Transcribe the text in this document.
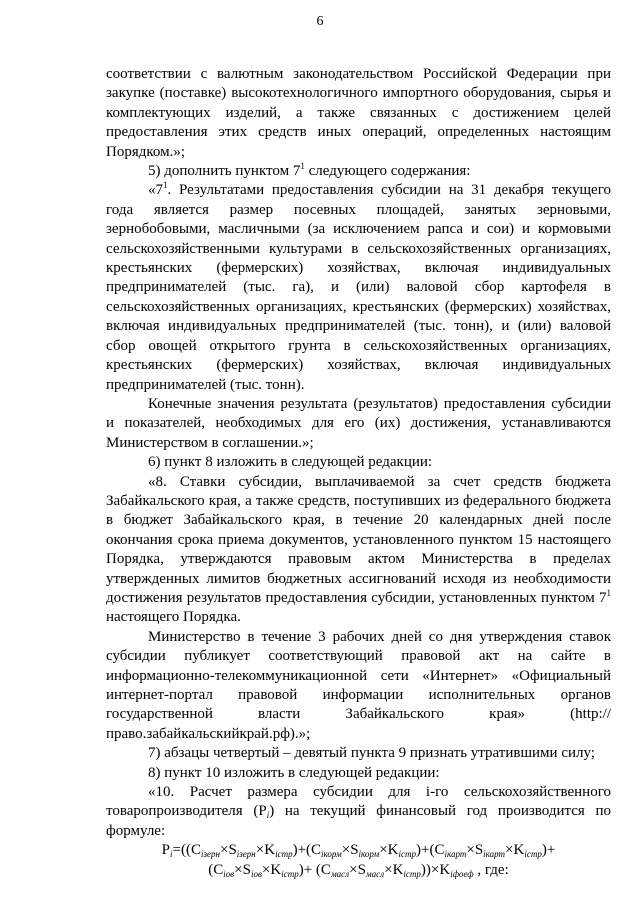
6

соответствии с валютным законодательством Российской Федерации при закупке (поставке) высокотехнологичного импортного оборудования, сырья и комплектующих изделий, а также связанных с достижением целей предоставления этих средств иных операций, определенных настоящим Порядком.»;

5) дополнить пунктом $7^1$ следующего содержания:

«$7^1$. Результатами предоставления субсидии на 31 декабря текущего года является размер посевных площадей, занятых зерновыми, зернобобовыми, масличными (за исключением рапса и сои) и кормовыми сельскохозяйственными культурами в сельскохозяйственных организациях, крестьянских (фермерских) хозяйствах, включая индивидуальных предпринимателей (тыс. га), и (или) валовой сбор картофеля в сельскохозяйственных организациях, крестьянских (фермерских) хозяйствах, включая индивидуальных предпринимателей (тыс. тонн), и (или) валовой сбор овощей открытого грунта в сельскохозяйственных организациях, крестьянских (фермерских) хозяйствах, включая индивидуальных предпринимателей (тыс. тонн).

Конечные значения результата (результатов) предоставления субсидии и показателей, необходимых для его (их) достижения, устанавливаются Министерством в соглашении.»;

6) пункт 8 изложить в следующей редакции:

«8. Ставки субсидии, выплачиваемой за счет средств бюджета Забайкальского края, а также средств, поступивших из федерального бюджета в бюджет Забайкальского края, в течение 20 календарных дней после окончания срока приема документов, установленного пунктом 15 настоящего Порядка, утверждаются правовым актом Министерства в пределах утвержденных лимитов бюджетных ассигнований исходя из необходимости достижения результатов предоставления субсидии, установленных пунктом $7^1$ настоящего Порядка.

Министерство в течение 3 рабочих дней со дня утверждения ставок субсидии публикует соответствующий правовой акт на сайте в информационно-телекоммуникационной сети «Интернет» «Официальный интернет-портал правовой информации исполнительных органов государственной власти Забайкальского края» (http://право.забайкальскийкрай.рф).»;

7) абзацы четвертый – девятый пункта 9 признать утратившими силу;

8) пункт 10 изложить в следующей редакции:

«10. Расчет размера субсидии для i-го сельскохозяйственного товаропроизводителя $(P_i)$ на текущий финансовый год производится по формуле:

$P_i=((C_{iзерн}\times S_{iзерн}\times K_{iстр})+(C_{iкорм}\times S_{iкорм}\times K_{iстр})+(C_{iкарт}\times S_{iкарт}\times K_{iстр})+$
$(C_{iов}\times S_{iов}\times K_{iстр})+ (C_{масл}\times S_{масл}\times K_{iстр}))\times K_{iфоеф}$ , где:
